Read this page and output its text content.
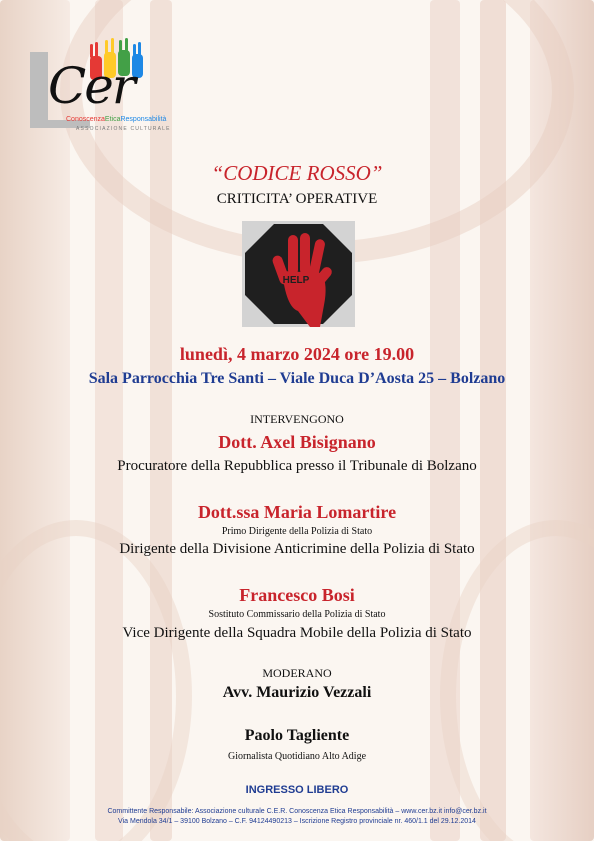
Cer
ConoscenzaEticaResponsabilità
ASSOCIAZIONE CULTURALE
“CODICE ROSSO”
CRITICITA’ OPERATIVE
HELP
lunedì, 4 marzo 2024 ore 19.00
Sala Parrocchia Tre Santi – Viale Duca D’Aosta 25 – Bolzano
INTERVENGONO
Dott. Axel Bisignano
Procuratore della Repubblica presso il Tribunale di Bolzano
Dott.ssa Maria Lomartire
Primo Dirigente della Polizia di Stato
Dirigente della Divisione Anticrimine della Polizia di Stato
Francesco Bosi
Sostituto Commissario della Polizia di Stato
Vice Dirigente della Squadra Mobile della Polizia di Stato
MODERANO
Avv. Maurizio Vezzali
Paolo Tagliente
Giornalista Quotidiano Alto Adige
INGRESSO LIBERO
Committente Responsabile: Associazione culturale C.E.R. Conoscenza Etica Responsabilità – www.cer.bz.it info@cer.bz.it
Via Mendola 34/1 – 39100 Bolzano – C.F. 94124490213 – Iscrizione Registro provinciale nr. 460/1.1 del 29.12.2014
